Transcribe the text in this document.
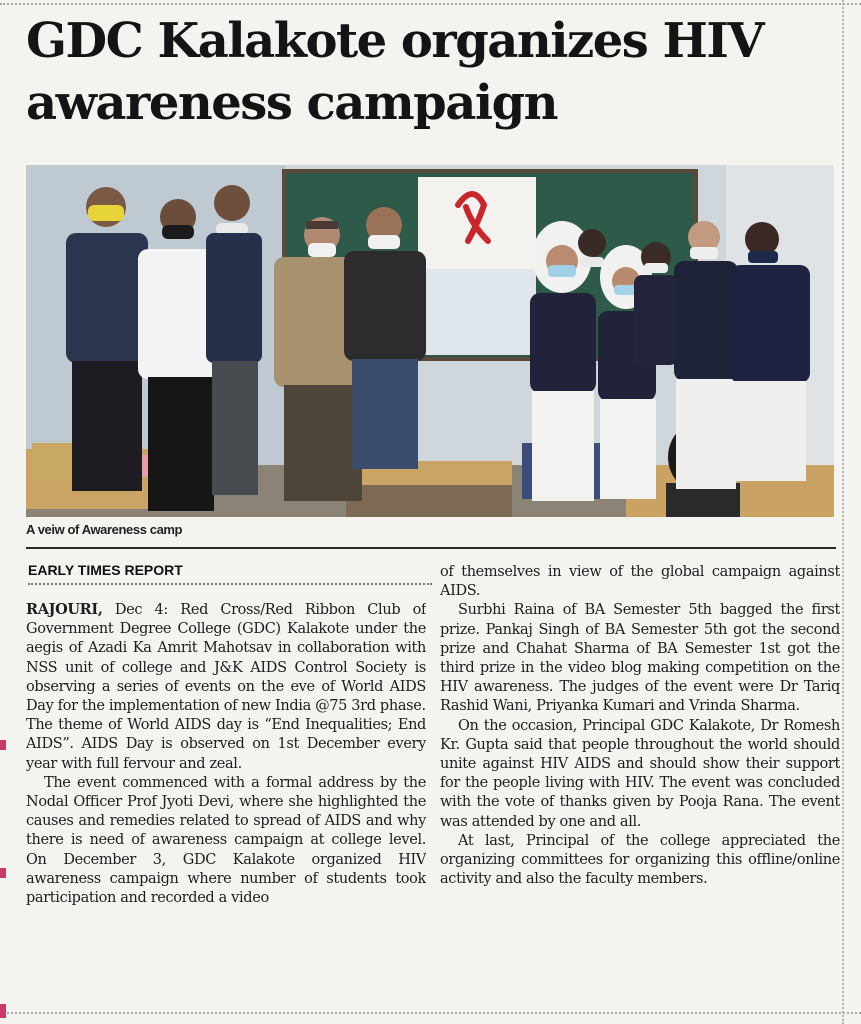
GDC Kalakote organizes HIV awareness campaign

A veiw of Awareness camp

EARLY TIMES REPORT

RAJOURI, Dec 4: Red Cross/Red Ribbon Club of Government Degree College (GDC) Kalakote under the aegis of Azadi Ka Amrit Mahotsav in collaboration with NSS unit of college and J&K AIDS Control Society is observing a series of events on the eve of World AIDS Day for the implementation of new India @75 3rd phase.

The theme of World AIDS day is “End Inequalities; End AIDS”. AIDS Day is observed on 1st December every year with full fervour and zeal.

The event commenced with a formal address by the Nodal Officer Prof Jyoti Devi, where she highlighted the causes and remedies related to spread of AIDS and why there is need of awareness campaign at college level. On December 3, GDC Kalakote organized HIV awareness campaign where number of students took participation and recorded a video

of themselves in view of the global campaign against AIDS.

Surbhi Raina of BA Semester 5th bagged the first prize. Pankaj Singh of BA Semester 5th got the second prize and Chahat Sharma of BA Semester 1st got the third prize in the video blog making competition on the HIV awareness. The judges of the event were Dr Tariq Rashid Wani, Priyanka Kumari and Vrinda Sharma.

On the occasion, Principal GDC Kalakote, Dr Romesh Kr. Gupta said that people throughout the world should unite against HIV AIDS and should show their support for the people living with HIV. The event was concluded with the vote of thanks given by Pooja Rana. The event was attended by one and all.

At last, Principal of the college appreciated the organizing committees for organizing this offline/online activity and also the faculty members.
